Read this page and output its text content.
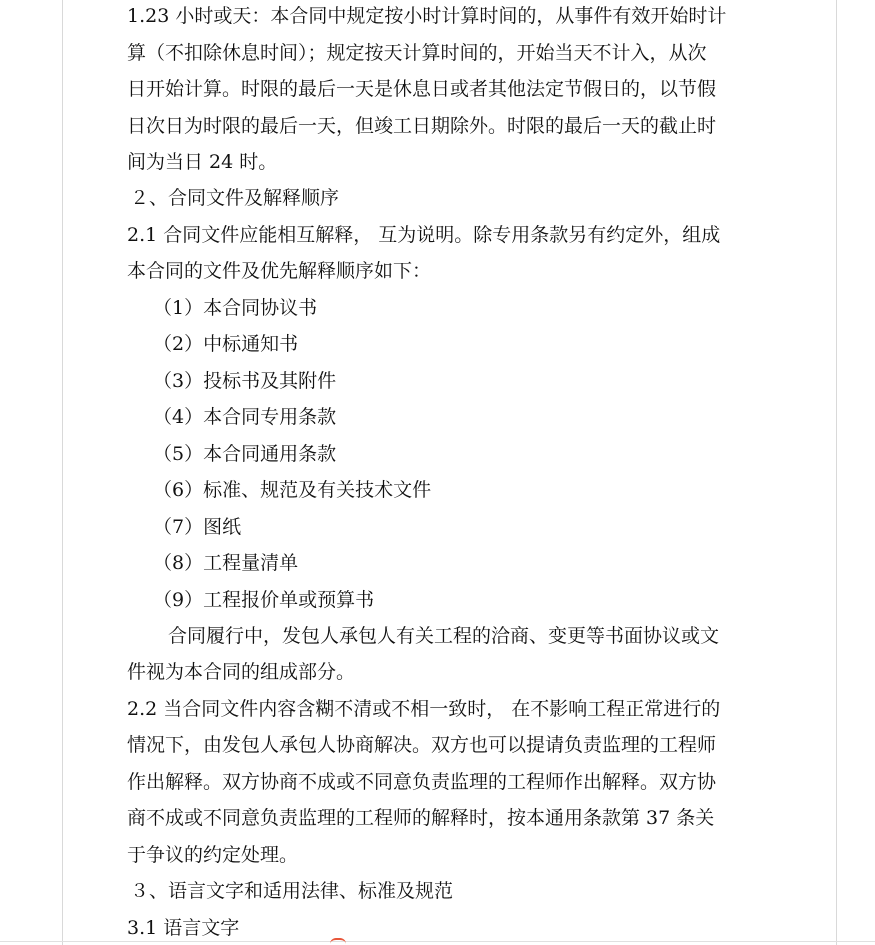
1.23 小时或天：本合同中规定按小时计算时间的，从事件有效开始时计
算（不扣除休息时间）；规定按天计算时间的，开始当天不计入，从次
日开始计算。时限的最后一天是休息日或者其他法定节假日的，以节假
日次日为时限的最后一天，但竣工日期除外。时限的最后一天的截止时
间为当日 24 时。
２、合同文件及解释顺序
2.1 合同文件应能相互解释， 互为说明。除专用条款另有约定外，组成
本合同的文件及优先解释顺序如下：
（1）本合同协议书
（2）中标通知书
（3）投标书及其附件
（4）本合同专用条款
（5）本合同通用条款
（6）标准、规范及有关技术文件
（7）图纸
（8）工程量清单
（9）工程报价单或预算书
合同履行中，发包人承包人有关工程的洽商、变更等书面协议或文
件视为本合同的组成部分。
2.2 当合同文件内容含糊不清或不相一致时， 在不影响工程正常进行的
情况下，由发包人承包人协商解决。双方也可以提请负责监理的工程师
作出解释。双方协商不成或不同意负责监理的工程师作出解释。双方协
商不成或不同意负责监理的工程师的解释时，按本通用条款第 37 条关
于争议的约定处理。
３、语言文字和适用法律、标准及规范
3.1 语言文字
